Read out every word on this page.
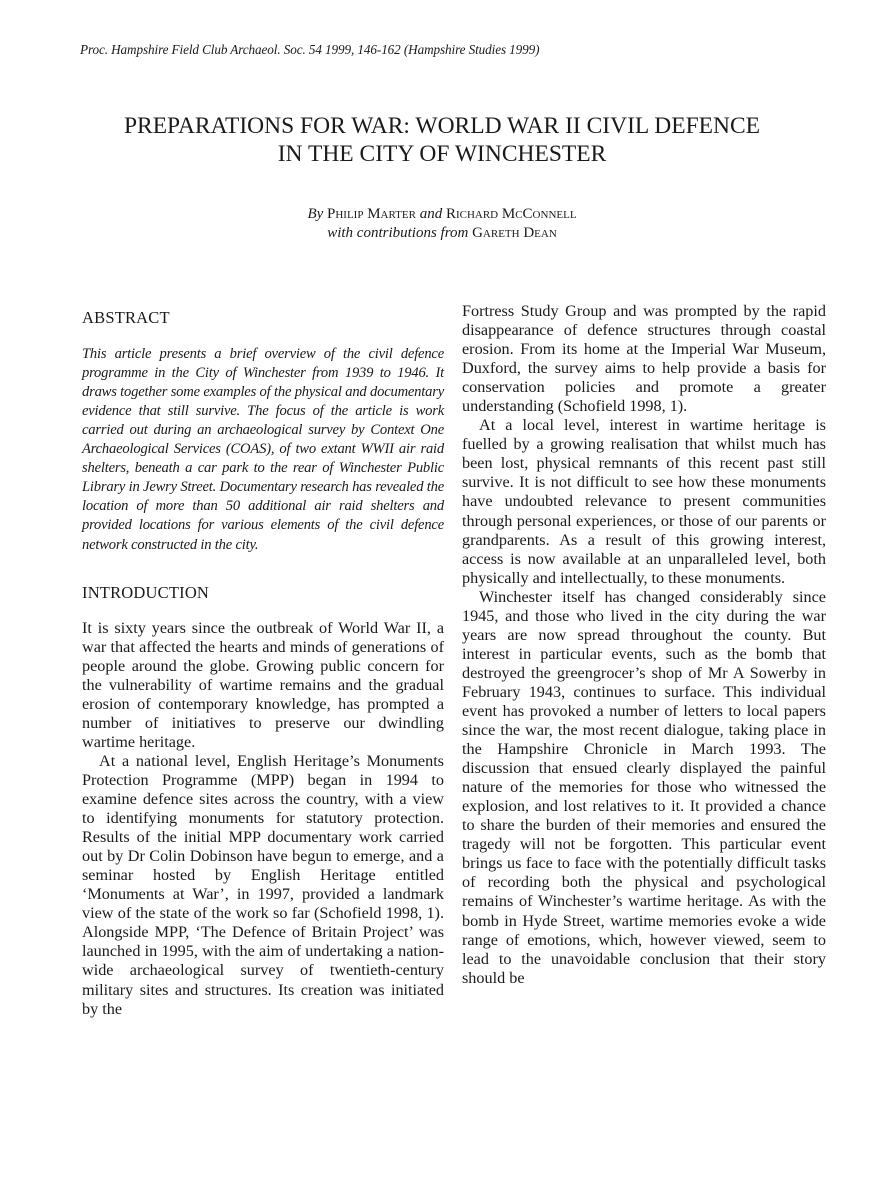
Proc. Hampshire Field Club Archaeol. Soc. 54 1999, 146-162 (Hampshire Studies 1999)
PREPARATIONS FOR WAR: WORLD WAR II CIVIL DEFENCE
IN THE CITY OF WINCHESTER
By Philip Marter and Richard McConnell
with contributions from Gareth Dean
ABSTRACT

This article presents a brief overview of the civil defence programme in the City of Winchester from 1939 to 1946. It draws together some examples of the physical and documentary evidence that still survive. The focus of the article is work carried out during an archaeological survey by Context One Archaeological Services (COAS), of two extant WWII air raid shelters, beneath a car park to the rear of Winchester Public Library in Jewry Street. Documentary research has revealed the location of more than 50 additional air raid shelters and provided locations for various elements of the civil defence network constructed in the city.

INTRODUCTION

It is sixty years since the outbreak of World War II, a war that affected the hearts and minds of generations of people around the globe. Growing public concern for the vulnerability of wartime remains and the gradual erosion of contemporary knowledge, has prompted a number of initiatives to preserve our dwindling wartime heritage.

At a national level, English Heritage’s Monuments Protection Programme (MPP) began in 1994 to examine defence sites across the country, with a view to identifying monuments for statutory protection. Results of the initial MPP documentary work carried out by Dr Colin Dobinson have begun to emerge, and a seminar hosted by English Heritage entitled ‘Monuments at War’, in 1997, provided a landmark view of the state of the work so far (Schofield 1998, 1). Alongside MPP, ‘The Defence of Britain Project’ was launched in 1995, with the aim of undertaking a nation-wide archaeological survey of twentieth-century military sites and structures. Its creation was initiated by the

Fortress Study Group and was prompted by the rapid disappearance of defence structures through coastal erosion. From its home at the Imperial War Museum, Duxford, the survey aims to help provide a basis for conservation policies and promote a greater understanding (Schofield 1998, 1).

At a local level, interest in wartime heritage is fuelled by a growing realisation that whilst much has been lost, physical remnants of this recent past still survive. It is not difficult to see how these monuments have undoubted relevance to present communities through personal experiences, or those of our parents or grandparents. As a result of this growing interest, access is now available at an unparalleled level, both physically and intellectually, to these monuments.

Winchester itself has changed considerably since 1945, and those who lived in the city during the war years are now spread throughout the county. But interest in particular events, such as the bomb that destroyed the greengrocer’s shop of Mr A Sowerby in February 1943, continues to surface. This individual event has provoked a number of letters to local papers since the war, the most recent dialogue, taking place in the Hampshire Chronicle in March 1993. The discussion that ensued clearly displayed the painful nature of the memories for those who witnessed the explosion, and lost relatives to it. It provided a chance to share the burden of their memories and ensured the tragedy will not be forgotten. This particular event brings us face to face with the potentially difficult tasks of recording both the physical and psychological remains of Winchester’s wartime heritage. As with the bomb in Hyde Street, wartime memories evoke a wide range of emotions, which, however viewed, seem to lead to the unavoidable conclusion that their story should be
